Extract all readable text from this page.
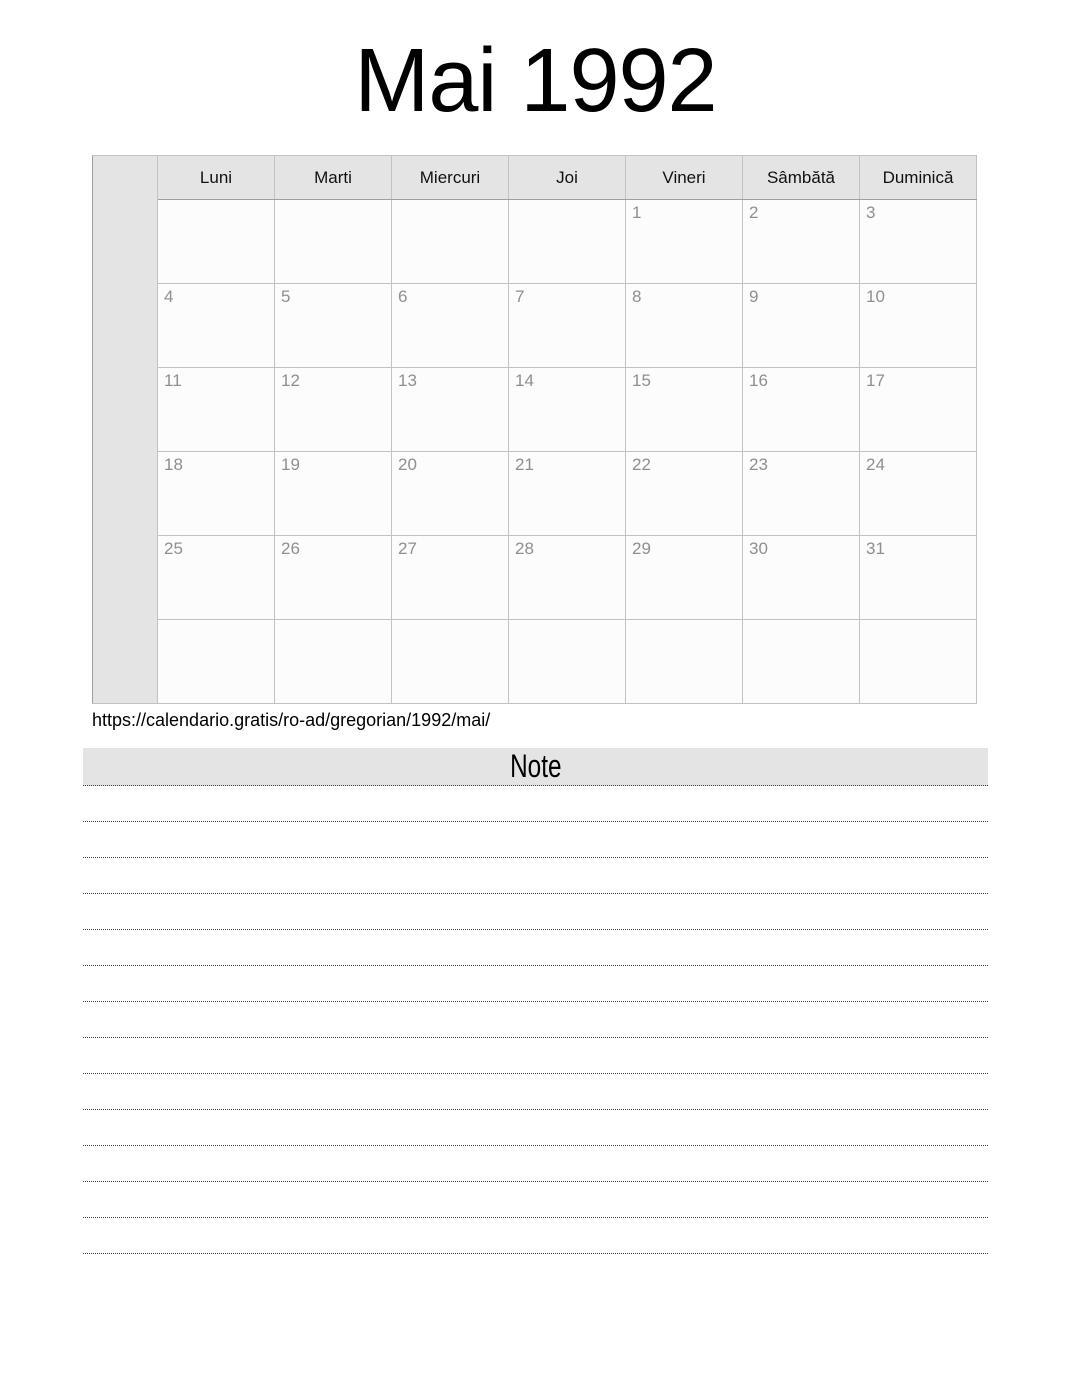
Mai 1992
	Luni	Marti	Miercuri	Joi	Vineri	Sâmbătă	Duminică
					1	2	3
	4	5	6	7	8	9	10
	11	12	13	14	15	16	17
	18	19	20	21	22	23	24
	25	26	27	28	29	30	31

https://calendario.gratis/ro-ad/gregorian/1992/mai/
Note
